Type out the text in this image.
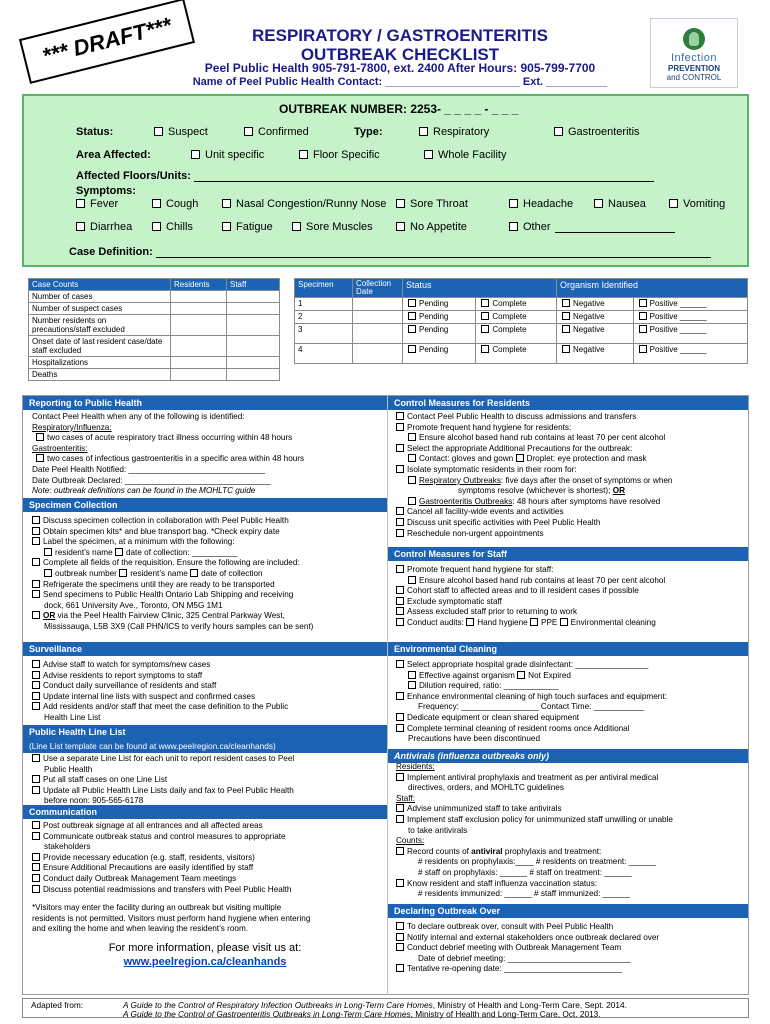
*** DRAFT***	RESPIRATORY / GASTROENTERITIS
OUTBREAK CHECKLIST
Peel Public Health 905-791-7800, ext. 2400 After Hours: 905-799-7700
Name of Peel Public Health Contact: ______________________ Ext. __________
Infection
PREVENTION
and CONTROL
OUTBREAK NUMBER: 2253- _ _ _ _ - _ _ _
Status:	Suspect	Confirmed	Type:	Respiratory	Gastroenteritis
Area Affected:	Unit specific	Floor Specific	Whole Facility
Affected Floors/Units:
Symptoms:
Case Definition:
Fever	Cough	Nasal Congestion/Runny Nose	Sore Throat	Headache	Nausea	Vomiting
Diarrhea	Chills	Fatigue	Sore Muscles	No Appetite	Other
Case Counts	Residents	Staff
Number of cases		
Number of suspect cases		
Number residents on precautions/staff excluded		
Onset date of last resident case/date staff excluded		
Hospitalizations		
Deaths		
Specimen	Collection Date	Status		Organism Identified	
1		Pending	Complete	Negative	Positive ______
2		Pending	Complete	Negative	Positive ______
3		Pending	Complete	Negative	Positive ______
4		Pending	Complete	Negative	Positive ______
Reporting to Public Health
Contact Peel Health when any of the following is identified:
Respiratory/Influenza:
two cases of acute respiratory tract illness occurring within 48 hours
Gastroenteritis:
two cases of infectious gastroenteritis in a specific area within 48 hours
Date Peel Health Notified: ______________________________
Date Outbreak Declared: ________________________________
Note: outbreak definitions can be found in the MOHLTC guide
Specimen Collection
Discuss specimen collection in collaboration with Peel Public Health
Obtain specimen kits* and blue transport bag. *Check expiry date
Label the specimen, at a minimum with the following:
resident’s name date of collection: __________
Complete all fields of the requisition. Ensure the following are included:
outbreak number resident’s name date of collection
Refrigerate the specimens until they are ready to be transported
Send specimens to Public Health Ontario Lab Shipping and receiving
dock, 661 University Ave., Toronto, ON M5G 1M1
OR via the Peel Health Fairview Clinic, 325 Central Parkway West,
Mississauga, L5B 3X9 (Call PHN/ICS to verify hours samples can be sent)
Surveillance
Advise staff to watch for symptoms/new cases
Advise residents to report symptoms to staff
Conduct daily surveillance of residents and staff
Update internal line lists with suspect and confirmed cases
Add residents and/or staff that meet the case definition to the Public
Health Line List
Public Health Line List
(Line List template can be found at www.peelregion.ca/cleanhands)
Use a separate Line List for each unit to report resident cases to Peel
Public Health
Put all staff cases on one Line List
Update all Public Health Line Lists daily and fax to Peel Public Health
before noon: 905-565-6178
Communication
Post outbreak signage at all entrances and all affected areas
Communicate outbreak status and control measures to appropriate
stakeholders
Provide necessary education (e.g. staff, residents, visitors)
Ensure Additional Precautions are easily identified by staff
Conduct daily Outbreak Management Team meetings
Discuss potential readmissions and transfers with Peel Public Health
*Visitors may enter the facility during an outbreak but visiting multiple
residents is not permitted. Visitors must perform hand hygiene when entering
and exiting the home and when leaving the resident’s room.
For more information, please visit us at:
www.peelregion.ca/cleanhands
Control Measures for Residents
Contact Peel Public Health to discuss admissions and transfers
Promote frequent hand hygiene for residents:
Ensure alcohol based hand rub contains at least 70 per cent alcohol
Select the appropriate Additional Precautions for the outbreak:
Contact: gloves and gown Droplet: eye protection and mask
Isolate symptomatic residents in their room for:
Respiratory Outbreaks: five days after the onset of symptoms or when
symptoms resolve (whichever is shortest); OR
Gastroenteritis Outbreaks: 48 hours after symptoms have resolved
Cancel all facility-wide events and activities
Discuss unit specific activities with Peel Public Health
Reschedule non-urgent appointments
Control Measures for Staff
Promote frequent hand hygiene for staff:
Ensure alcohol based hand rub contains at least 70 per cent alcohol
Cohort staff to affected areas and to ill resident cases if possible
Exclude symptomatic staff
Assess excluded staff prior to returning to work
Conduct audits: Hand hygiene PPE Environmental cleaning
Environmental Cleaning
Select appropriate hospital grade disinfectant: ________________
Effective against organism Not Expired
Dilution required, ratio: ____________
Enhance environmental cleaning of high touch surfaces and equipment:
Frequency: _________________ Contact Time: ___________
Dedicate equipment or clean shared equipment
Complete terminal cleaning of resident rooms once Additional
Precautions have been discontinued
Antivirals (influenza outbreaks only)
Residents:
Implement antiviral prophylaxis and treatment as per antiviral medical
directives, orders, and MOHLTC guidelines
Staff:
Advise unimmunized staff to take antivirals
Implement staff exclusion policy for unimmunized staff unwilling or unable
to take antivirals
Counts:
Record counts of antiviral prophylaxis and treatment:
# residents on prophylaxis:____ # residents on treatment: ______
# staff on prophylaxis: ______ # staff on treatment: ______
Know resident and staff influenza vaccination status:
# residents immunized: ______ # staff immunized: ______
Declaring Outbreak Over
To declare outbreak over, consult with Peel Public Health
Notify internal and external stakeholders once outbreak declared over
Conduct debrief meeting with Outbreak Management Team
Date of debrief meeting: ___________________________
Tentative re-opening date: __________________________
Adapted from:	A Guide to the Control of Respiratory Infection Outbreaks in Long-Term Care Homes, Ministry of Health and Long-Term Care, Sept. 2014.
A Guide to the Control of Gastroenteritis Outbreaks in Long-Term Care Homes, Ministry of Health and Long-Term Care, Oct. 2013.
